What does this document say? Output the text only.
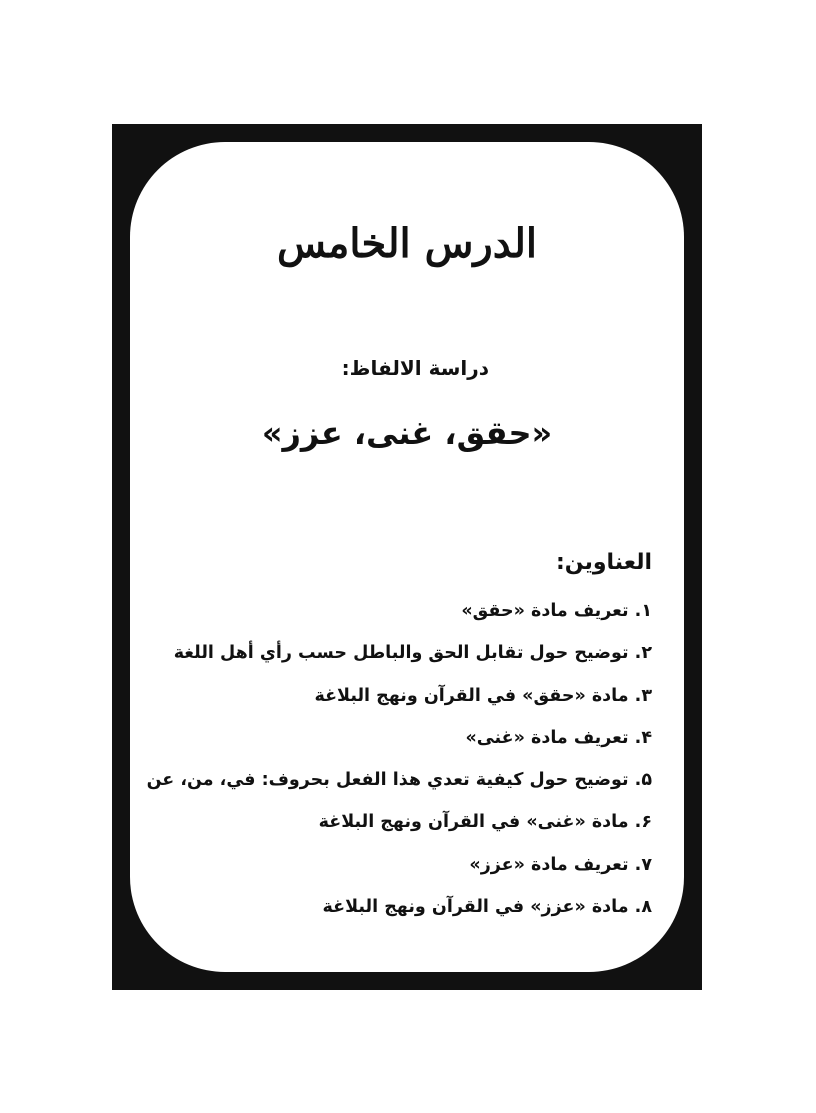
الدرس الخامس
دراسة الالفاظ:
«حقق، غنى، عزز»
العناوين:
١. تعريف مادة «حقق»
٢. توضيح حول تقابل الحق والباطل حسب رأي أهل اللغة
٣. مادة «حقق» في القرآن ونهج البلاغة
۴. تعريف مادة «غنى»
۵. توضيح حول كيفية تعدي هذا الفعل بحروف: في، من، عن
۶. مادة «غنى» في القرآن ونهج البلاغة
٧. تعريف مادة «عزز»
٨. مادة «عزز» في القرآن ونهج البلاغة
